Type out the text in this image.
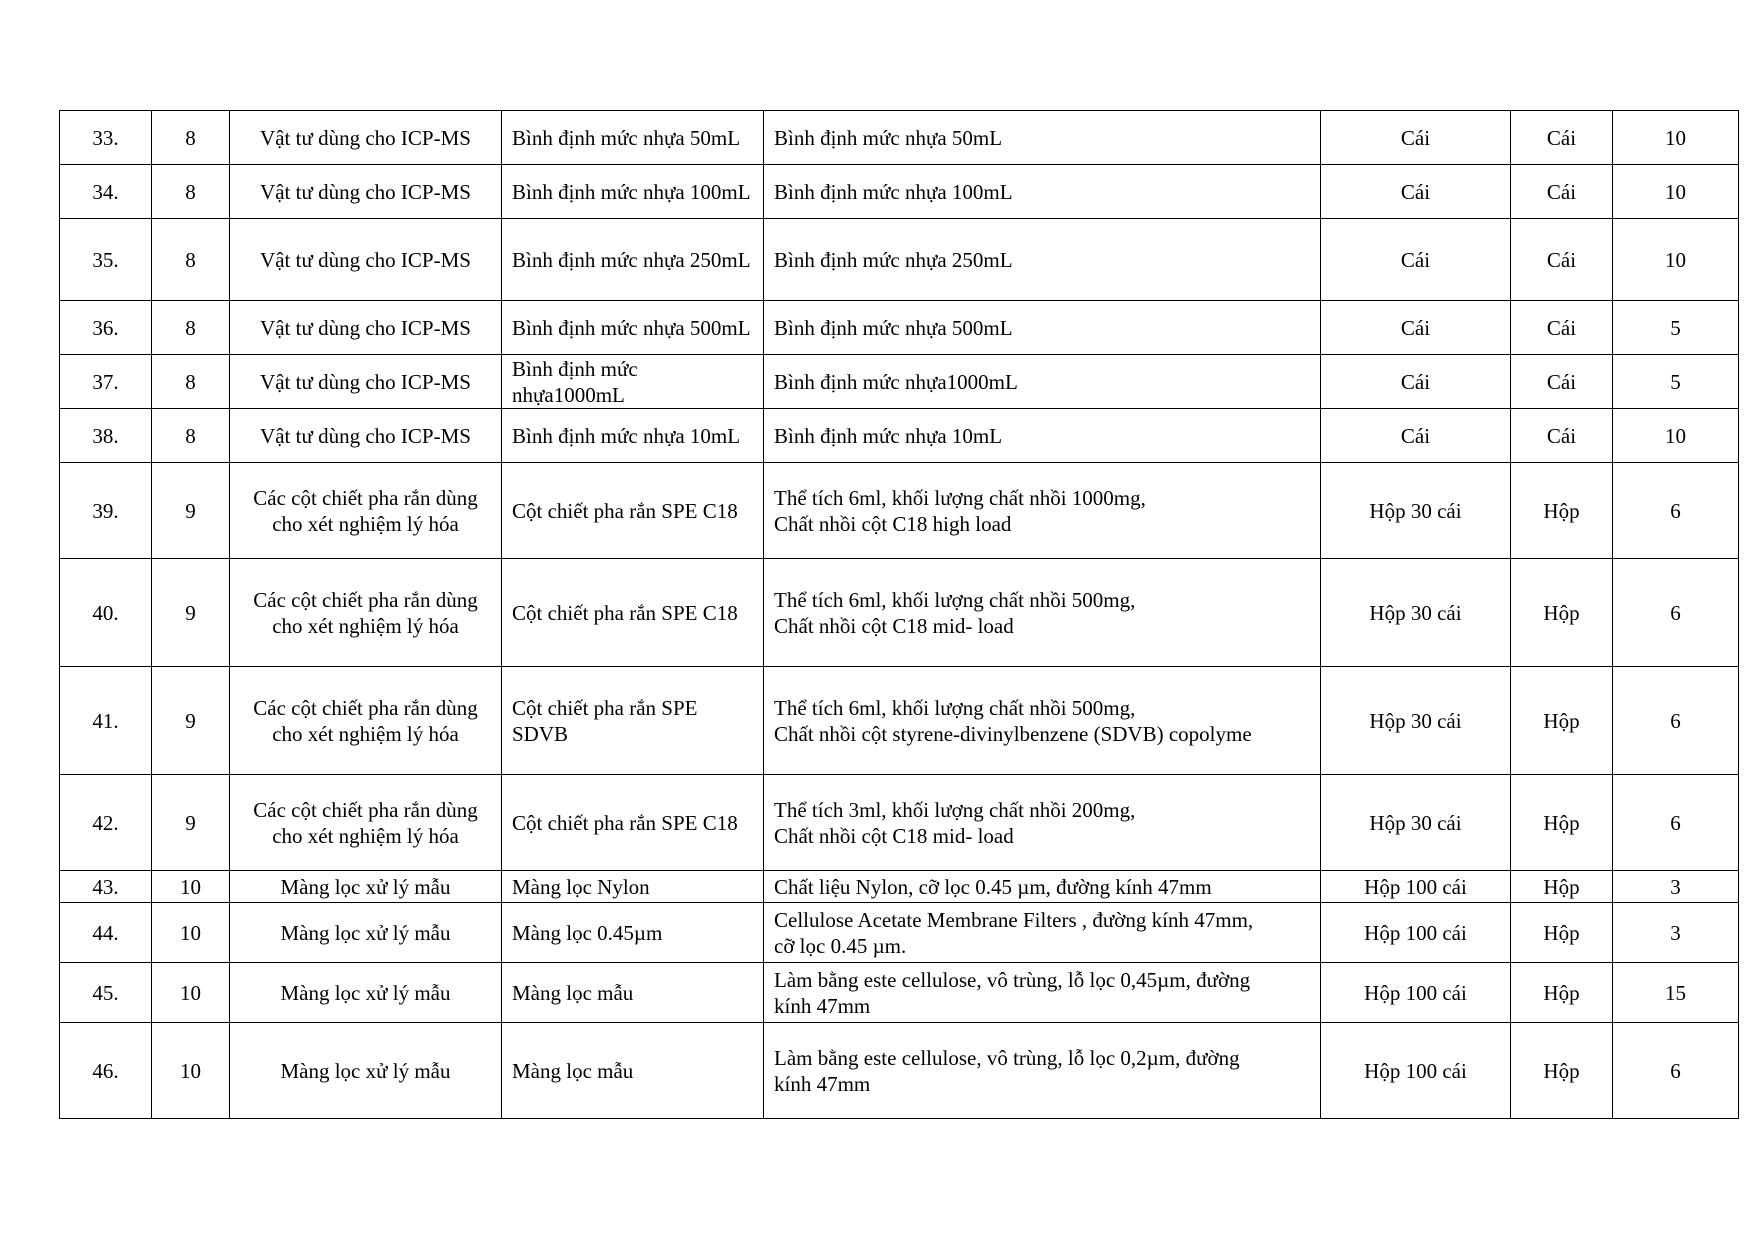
33.	8	Vật tư dùng cho ICP-MS	Bình định mức nhựa 50mL	Bình định mức nhựa 50mL	Cái	Cái	10
34.	8	Vật tư dùng cho ICP-MS	Bình định mức nhựa 100mL	Bình định mức nhựa 100mL	Cái	Cái	10
35.	8	Vật tư dùng cho ICP-MS	Bình định mức nhựa 250mL	Bình định mức nhựa 250mL	Cái	Cái	10
36.	8	Vật tư dùng cho ICP-MS	Bình định mức nhựa 500mL	Bình định mức nhựa 500mL	Cái	Cái	5
37.	8	Vật tư dùng cho ICP-MS	Bình định mức nhựa1000mL	Bình định mức nhựa1000mL	Cái	Cái	5
38.	8	Vật tư dùng cho ICP-MS	Bình định mức nhựa 10mL	Bình định mức nhựa 10mL	Cái	Cái	10
39.	9	Các cột chiết pha rắn dùng cho xét nghiệm lý hóa	Cột chiết pha rắn SPE C18	Thể tích 6ml, khối lượng chất nhồi 1000mg,
Chất nhồi cột C18 high load	Hộp 30 cái	Hộp	6
40.	9	Các cột chiết pha rắn dùng cho xét nghiệm lý hóa	Cột chiết pha rắn SPE C18	Thể tích 6ml, khối lượng chất nhồi 500mg,
Chất nhồi cột C18 mid- load	Hộp 30 cái	Hộp	6
41.	9	Các cột chiết pha rắn dùng cho xét nghiệm lý hóa	Cột chiết pha rắn SPE SDVB	Thể tích 6ml, khối lượng chất nhồi 500mg,
Chất nhồi cột styrene-divinylbenzene (SDVB) copolyme	Hộp 30 cái	Hộp	6
42.	9	Các cột chiết pha rắn dùng cho xét nghiệm lý hóa	Cột chiết pha rắn SPE C18	Thể tích 3ml, khối lượng chất nhồi 200mg,
Chất nhồi cột C18 mid- load	Hộp 30 cái	Hộp	6
43.	10	Màng lọc xử lý mẫu	Màng lọc Nylon	Chất liệu Nylon, cỡ lọc 0.45 µm, đường kính 47mm	Hộp 100 cái	Hộp	3
44.	10	Màng lọc xử lý mẫu	Màng lọc 0.45µm	Cellulose Acetate Membrane Filters , đường kính 47mm,
cỡ lọc 0.45 µm.	Hộp 100 cái	Hộp	3
45.	10	Màng lọc xử lý mẫu	Màng lọc mẫu	Làm bằng este cellulose, vô trùng, lỗ lọc 0,45µm, đường
kính 47mm	Hộp 100 cái	Hộp	15
46.	10	Màng lọc xử lý mẫu	Màng lọc mẫu	Làm bằng este cellulose, vô trùng, lỗ lọc 0,2µm, đường
kính 47mm	Hộp 100 cái	Hộp	6
